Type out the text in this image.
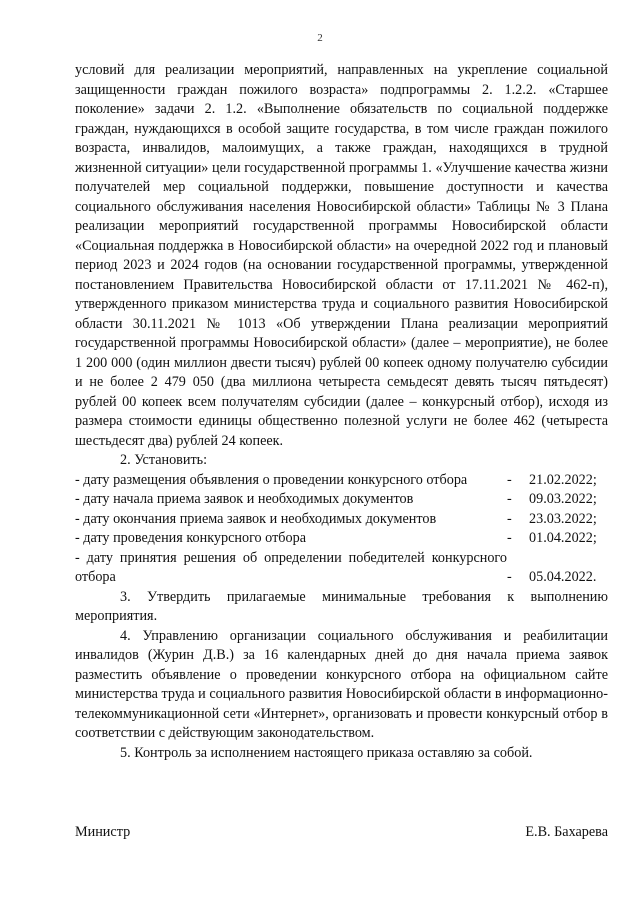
2

условий для реализации мероприятий, направленных на укрепление социальной защищенности граждан пожилого возраста» подпрограммы 2. 1.2.2. «Старшее поколение» задачи 2. 1.2. «Выполнение обязательств по социальной поддержке граждан, нуждающихся в особой защите государства, в том числе граждан пожилого возраста, инвалидов, малоимущих, а также граждан, находящихся в трудной жизненной ситуации» цели государственной программы 1. «Улучшение качества жизни получателей мер социальной поддержки, повышение доступности и качества социального обслуживания населения Новосибирской области» Таблицы № 3 Плана реализации мероприятий государственной программы Новосибирской области «Социальная поддержка в Новосибирской области» на очередной 2022 год и плановый период 2023 и 2024 годов (на основании государственной программы, утвержденной постановлением Правительства Новосибирской области от 17.11.2021 № 462-п), утвержденного приказом министерства труда и социального развития Новосибирской области 30.11.2021 № 1013 «Об утверждении Плана реализации мероприятий государственной программы Новосибирской области» (далее – мероприятие), не более 1 200 000 (один миллион двести тысяч) рублей 00 копеек одному получателю субсидии и не более 2 479 050 (два миллиона четыреста семьдесят девять тысяч пятьдесят) рублей 00 копеек всем получателям субсидии (далее – конкурсный отбор), исходя из размера стоимости единицы общественно полезной услуги не более 462 (четыреста шестьдесят два) рублей 24 копеек.

2. Установить:

- дату размещения объявления о проведении конкурсного отбора	-	21.02.2022;
- дату начала приема заявок и необходимых документов	-	09.03.2022;
- дату окончания приема заявок и необходимых документов	-	23.03.2022;
- дату проведения конкурсного отбора	-	01.04.2022;
- дату принятия решения об определении победителей конкурсного отбора	-	05.04.2022.

3. Утвердить прилагаемые минимальные требования к выполнению мероприятия.

4. Управлению организации социального обслуживания и реабилитации инвалидов (Журин Д.В.) за 16 календарных дней до дня начала приема заявок разместить объявление о проведении конкурсного отбора на официальном сайте министерства труда и социального развития Новосибирской области в информационно-телекоммуникационной сети «Интернет», организовать и провести конкурсный отбор в соответствии с действующим законодательством.

5. Контроль за исполнением настоящего приказа оставляю за собой.

Министр	Е.В. Бахарева
